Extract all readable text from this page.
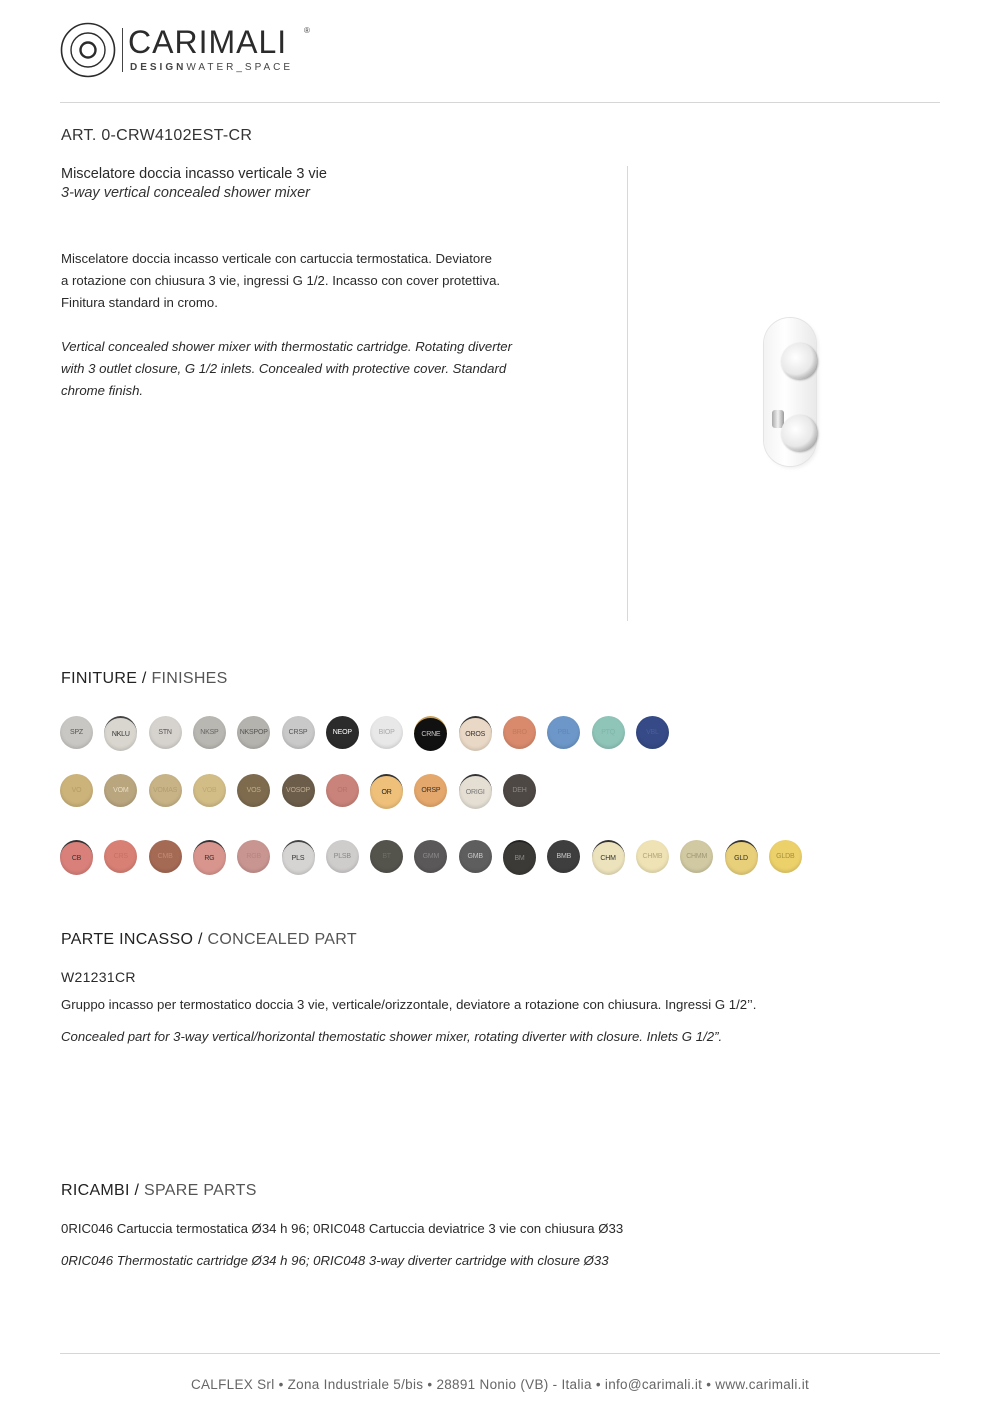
CARIMALI ®
DESIGNWATER_SPACE
ART. 0-CRW4102EST-CR
Miscelatore doccia incasso verticale 3 vie
3-way vertical concealed shower mixer
Miscelatore doccia incasso verticale con cartuccia termostatica. Deviatore
a rotazione con chiusura 3 vie, ingressi G 1/2. Incasso con cover protettiva.
Finitura standard in cromo.
Vertical concealed shower mixer with thermostatic cartridge. Rotating diverter
with 3 outlet closure, G 1/2 inlets. Concealed with protective cover. Standard
chrome finish.
FINITURE / FINISHES
SPZ	NKLU	STN	NKSP	NKSPOP	CRSP	NEOP	BIOP	CRNE	OROS	BRO	PBL	PTQ	VBL
VO	VOM	VOMAS	VOB	VOS	VOSOP	OR	OR	ORSP	ORIGI	DEH
CB	CRS	CMB	RG	RGB	PLS	PLSB	BT	GMM	GMB	BM	BMB	CHM	CHMB	CHMM	GLD	GLDB
PARTE INCASSO / CONCEALED PART
W21231CR
Gruppo incasso per termostatico doccia 3 vie, verticale/orizzontale, deviatore a rotazione con chiusura. Ingressi G 1/2’’.
Concealed part for 3-way vertical/horizontal themostatic shower mixer, rotating diverter with closure. Inlets G 1/2”.
RICAMBI / SPARE PARTS
0RIC046 Cartuccia termostatica Ø34 h 96; 0RIC048 Cartuccia deviatrice 3 vie con chiusura Ø33
0RIC046 Thermostatic cartridge Ø34 h 96; 0RIC048 3-way diverter cartridge with closure Ø33
CALFLEX Srl • Zona Industriale 5/bis • 28891 Nonio (VB) - Italia • info@carimali.it • www.carimali.it
